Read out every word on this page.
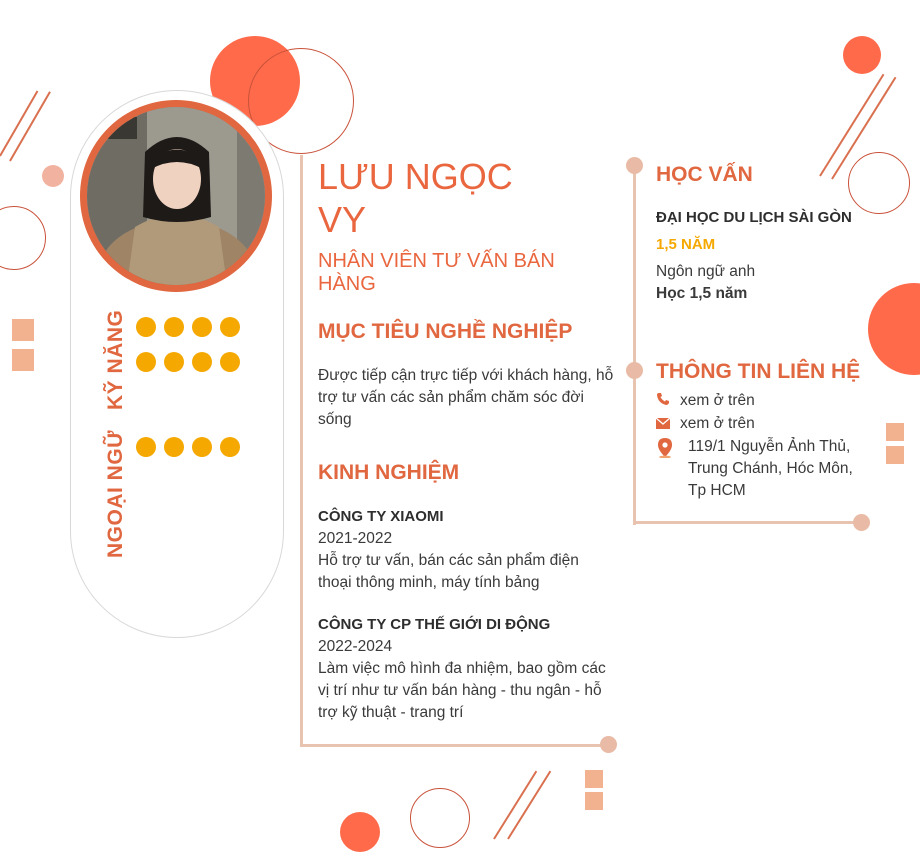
KỸ NĂNG
NGOẠI NGỮ
LƯU NGỌC
VY
NHÂN VIÊN TƯ VẤN BÁN
HÀNG
MỤC TIÊU NGHỀ NGHIỆP
Được tiếp cận trực tiếp với khách hàng, hỗ
trợ tư vấn các sản phẩm chăm sóc đời
sống
KINH NGHIỆM
CÔNG TY XIAOMI
2021-2022
Hỗ trợ tư vấn, bán các sản phẩm điện
thoại thông minh, máy tính bảng
CÔNG TY CP THẾ GIỚI DI ĐỘNG
2022-2024
Làm việc mô hình đa nhiệm, bao gồm các
vị trí như tư vấn bán hàng - thu ngân - hỗ
trợ kỹ thuật - trang trí
HỌC VẤN
ĐẠI HỌC DU LỊCH SÀI GÒN
1,5 NĂM
Ngôn ngữ anh
Học 1,5 năm
THÔNG TIN LIÊN HỆ
xem ở trên
xem ở trên
119/1 Nguyễn Ảnh Thủ,
Trung Chánh, Hóc Môn,
Tp HCM
